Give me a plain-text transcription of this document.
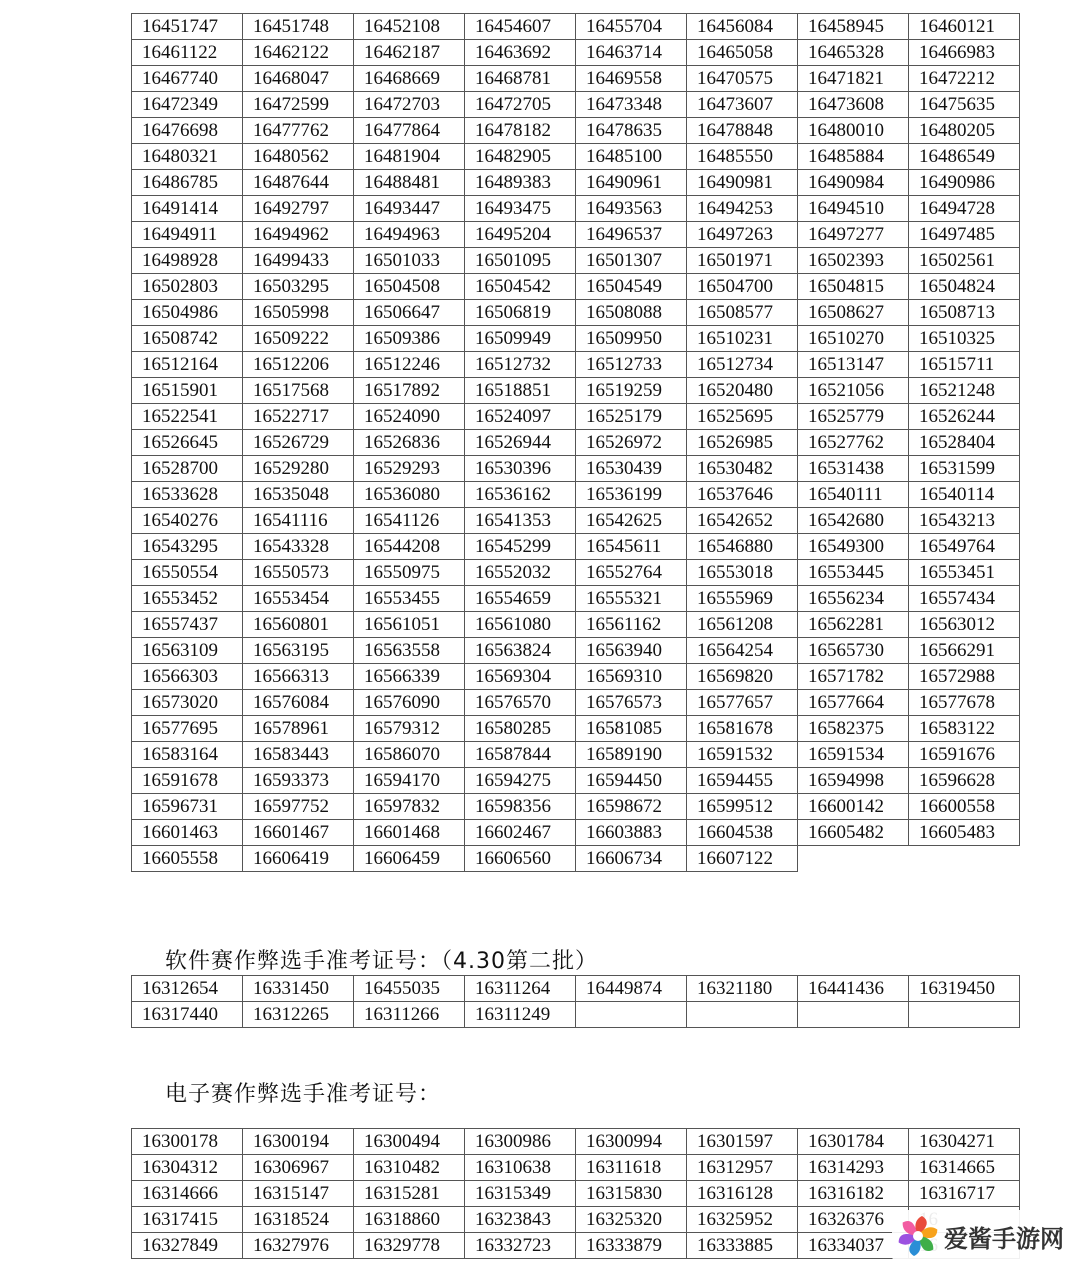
16451747	16451748	16452108	16454607	16455704	16456084	16458945	16460121
16461122	16462122	16462187	16463692	16463714	16465058	16465328	16466983
16467740	16468047	16468669	16468781	16469558	16470575	16471821	16472212
16472349	16472599	16472703	16472705	16473348	16473607	16473608	16475635
16476698	16477762	16477864	16478182	16478635	16478848	16480010	16480205
16480321	16480562	16481904	16482905	16485100	16485550	16485884	16486549
16486785	16487644	16488481	16489383	16490961	16490981	16490984	16490986
16491414	16492797	16493447	16493475	16493563	16494253	16494510	16494728
16494911	16494962	16494963	16495204	16496537	16497263	16497277	16497485
16498928	16499433	16501033	16501095	16501307	16501971	16502393	16502561
16502803	16503295	16504508	16504542	16504549	16504700	16504815	16504824
16504986	16505998	16506647	16506819	16508088	16508577	16508627	16508713
16508742	16509222	16509386	16509949	16509950	16510231	16510270	16510325
16512164	16512206	16512246	16512732	16512733	16512734	16513147	16515711
16515901	16517568	16517892	16518851	16519259	16520480	16521056	16521248
16522541	16522717	16524090	16524097	16525179	16525695	16525779	16526244
16526645	16526729	16526836	16526944	16526972	16526985	16527762	16528404
16528700	16529280	16529293	16530396	16530439	16530482	16531438	16531599
16533628	16535048	16536080	16536162	16536199	16537646	16540111	16540114
16540276	16541116	16541126	16541353	16542625	16542652	16542680	16543213
16543295	16543328	16544208	16545299	16545611	16546880	16549300	16549764
16550554	16550573	16550975	16552032	16552764	16553018	16553445	16553451
16553452	16553454	16553455	16554659	16555321	16555969	16556234	16557434
16557437	16560801	16561051	16561080	16561162	16561208	16562281	16563012
16563109	16563195	16563558	16563824	16563940	16564254	16565730	16566291
16566303	16566313	16566339	16569304	16569310	16569820	16571782	16572988
16573020	16576084	16576090	16576570	16576573	16577657	16577664	16577678
16577695	16578961	16579312	16580285	16581085	16581678	16582375	16583122
16583164	16583443	16586070	16587844	16589190	16591532	16591534	16591676
16591678	16593373	16594170	16594275	16594450	16594455	16594998	16596628
16596731	16597752	16597832	16598356	16598672	16599512	16600142	16600558
16601463	16601467	16601468	16602467	16603883	16604538	16605482	16605483
16605558	16606419	16606459	16606560	16606734	16607122		
软件赛作弊选手准考证号：（4.30第二批）
16312654	16331450	16455035	16311264	16449874	16321180	16441436	16319450
16317440	16312265	16311266	16311249				
电子赛作弊选手准考证号：
16300178	16300194	16300494	16300986	16300994	16301597	16301784	16304271
16304312	16306967	16310482	16310638	16311618	16312957	16314293	16314665
16314666	16315147	16315281	16315349	16315830	16316128	16316182	16316717
16317415	16318524	16318860	16323843	16325320	16325952	16326376	
16327849	16327976	16329778	16332723	16333879	16333885	16334037		爱酱手游网
